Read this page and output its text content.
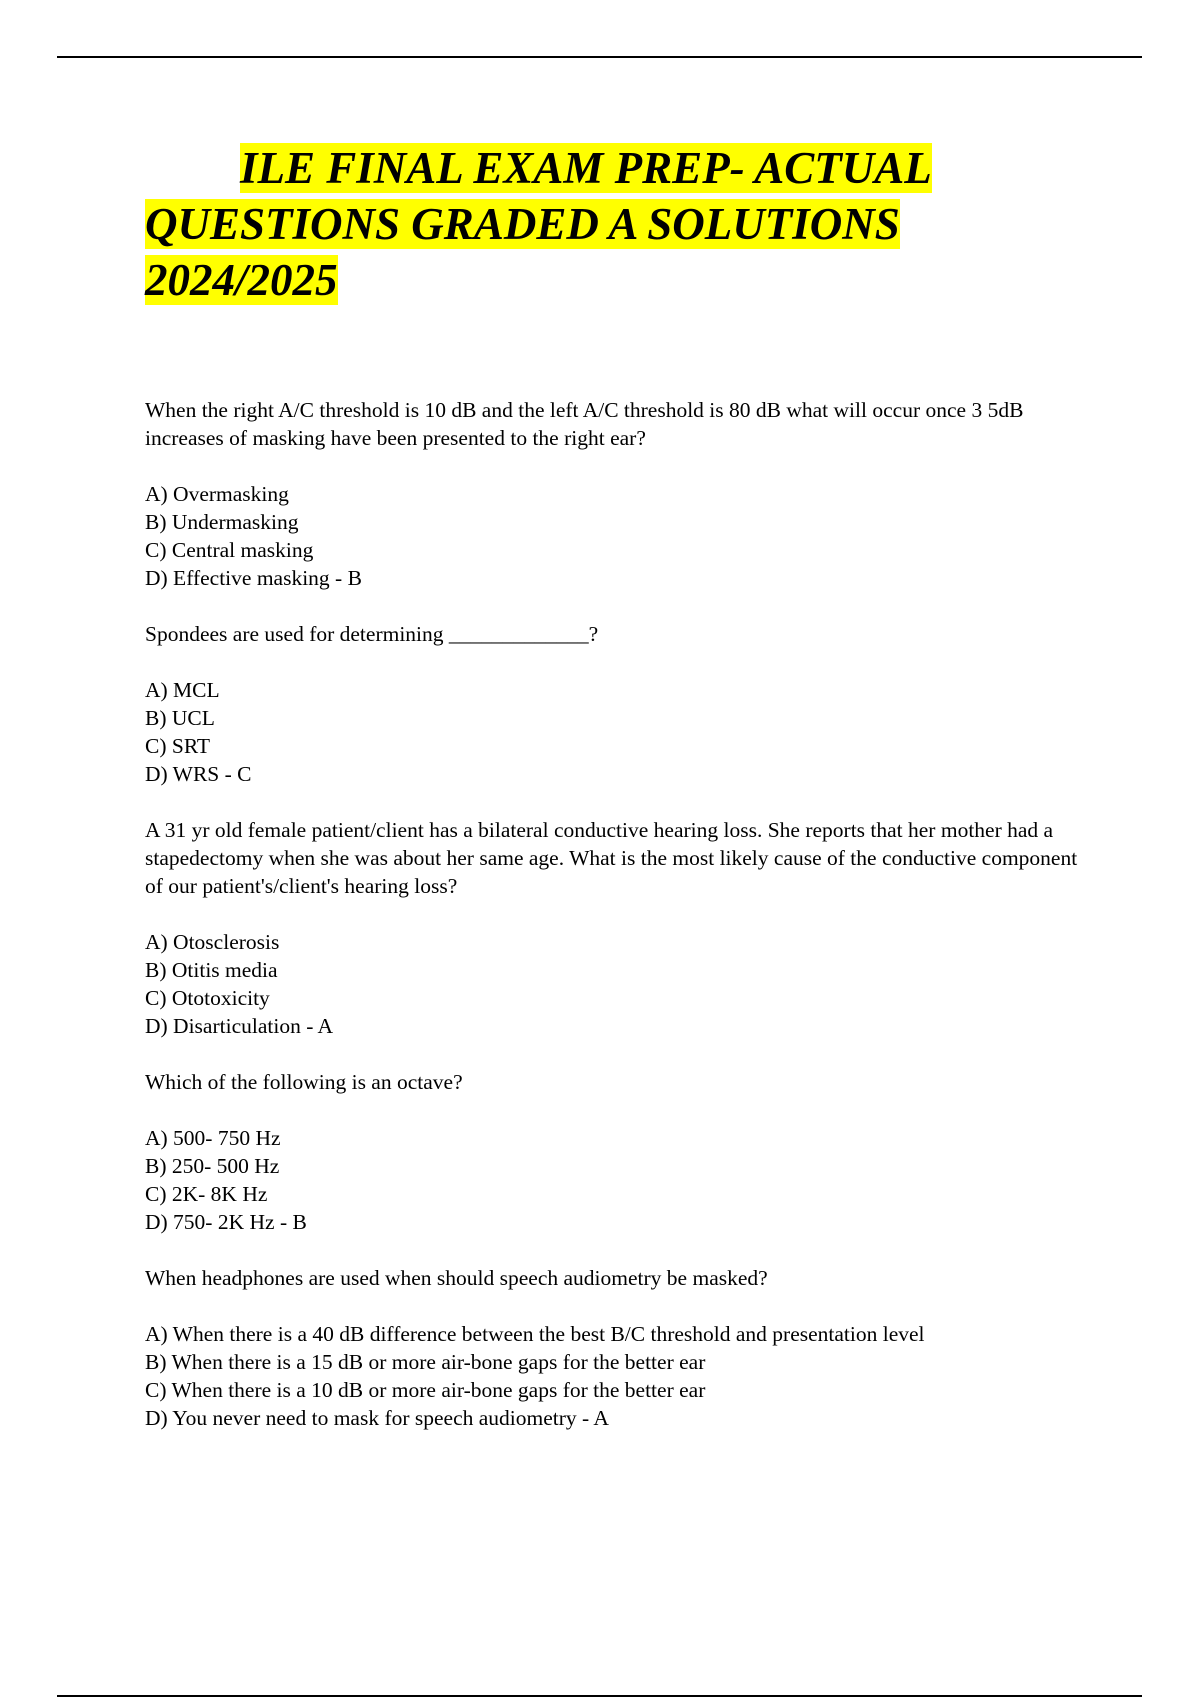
ILE FINAL EXAM PREP- ACTUAL QUESTIONS GRADED A SOLUTIONS 2024/2025

When the right A/C threshold is 10 dB and the left A/C threshold is 80 dB what will occur once 3 5dB increases of masking have been presented to the right ear?

A) Overmasking
B) Undermasking
C) Central masking
D) Effective masking - B

Spondees are used for determining _____________?

A) MCL
B) UCL
C) SRT
D) WRS - C

A 31 yr old female patient/client has a bilateral conductive hearing loss. She reports that her mother had a stapedectomy when she was about her same age. What is the most likely cause of the conductive component of our patient's/client's hearing loss?

A) Otosclerosis
B) Otitis media
C) Ototoxicity
D) Disarticulation - A

Which of the following is an octave?

A) 500- 750 Hz
B) 250- 500 Hz
C) 2K- 8K Hz
D) 750- 2K Hz - B

When headphones are used when should speech audiometry be masked?

A) When there is a 40 dB difference between the best B/C threshold and presentation level
B) When there is a 15 dB or more air-bone gaps for the better ear
C) When there is a 10 dB or more air-bone gaps for the better ear
D) You never need to mask for speech audiometry - A
